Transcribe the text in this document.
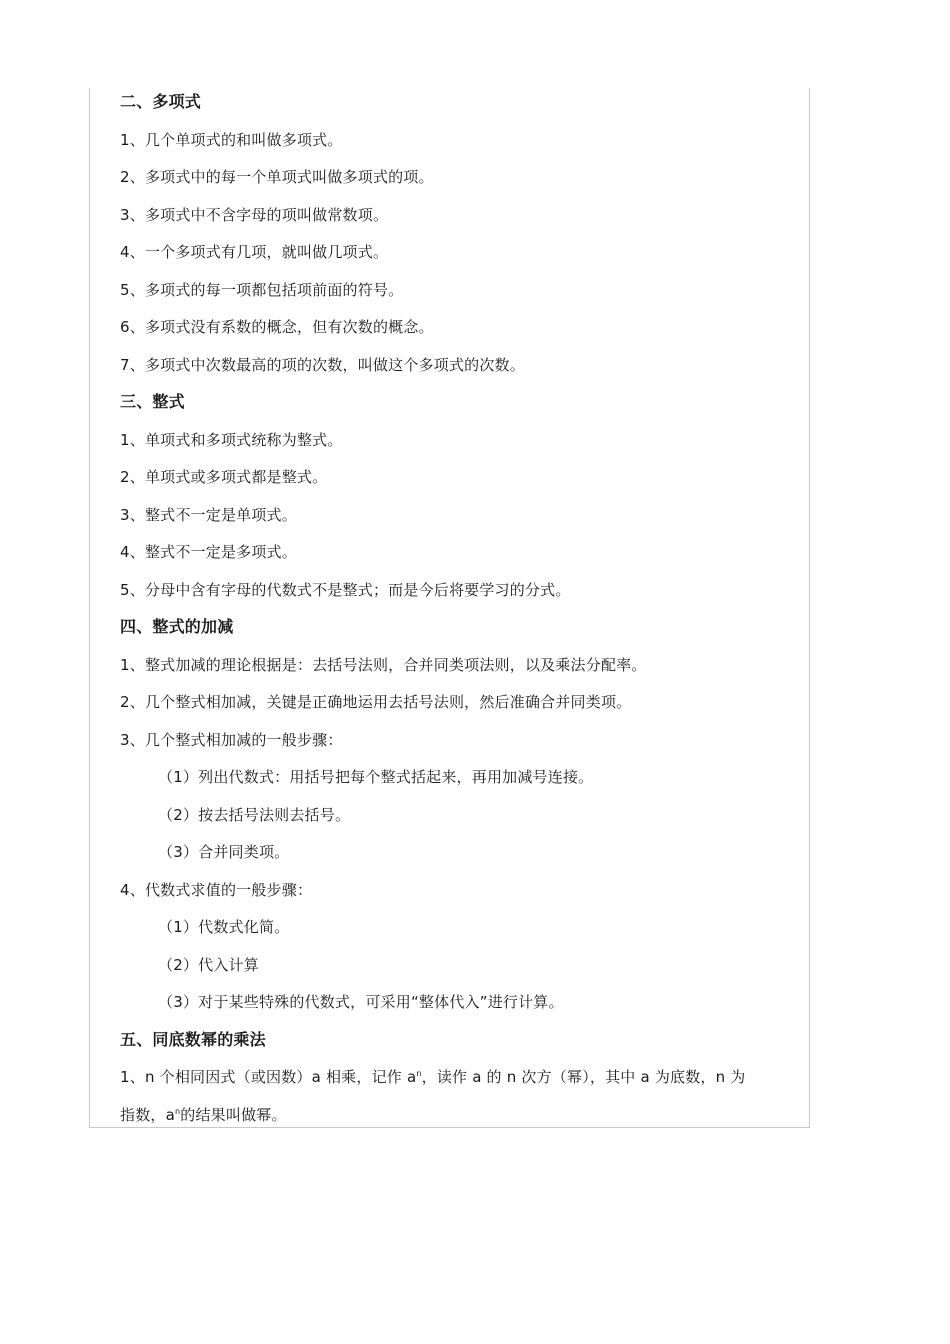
二、多项式
1、几个单项式的和叫做多项式。
2、多项式中的每一个单项式叫做多项式的项。
3、多项式中不含字母的项叫做常数项。
4、一个多项式有几项，就叫做几项式。
5、多项式的每一项都包括项前面的符号。
6、多项式没有系数的概念，但有次数的概念。
7、多项式中次数最高的项的次数，叫做这个多项式的次数。
三、整式
1、单项式和多项式统称为整式。
2、单项式或多项式都是整式。
3、整式不一定是单项式。
4、整式不一定是多项式。
5、分母中含有字母的代数式不是整式；而是今后将要学习的分式。
四、整式的加减
1、整式加减的理论根据是：去括号法则，合并同类项法则，以及乘法分配率。
2、几个整式相加减，关键是正确地运用去括号法则，然后准确合并同类项。
3、几个整式相加减的一般步骤：
（1）列出代数式：用括号把每个整式括起来，再用加减号连接。
（2）按去括号法则去括号。
（3）合并同类项。
4、代数式求值的一般步骤：
（1）代数式化简。
（2）代入计算
（3）对于某些特殊的代数式，可采用“整体代入”进行计算。
五、同底数幂的乘法
1、n 个相同因式（或因数）a 相乘，记作 $a^n$，读作 a 的 n 次方（幂），其中 a 为底数，n 为
指数，$a^n$的结果叫做幂。
